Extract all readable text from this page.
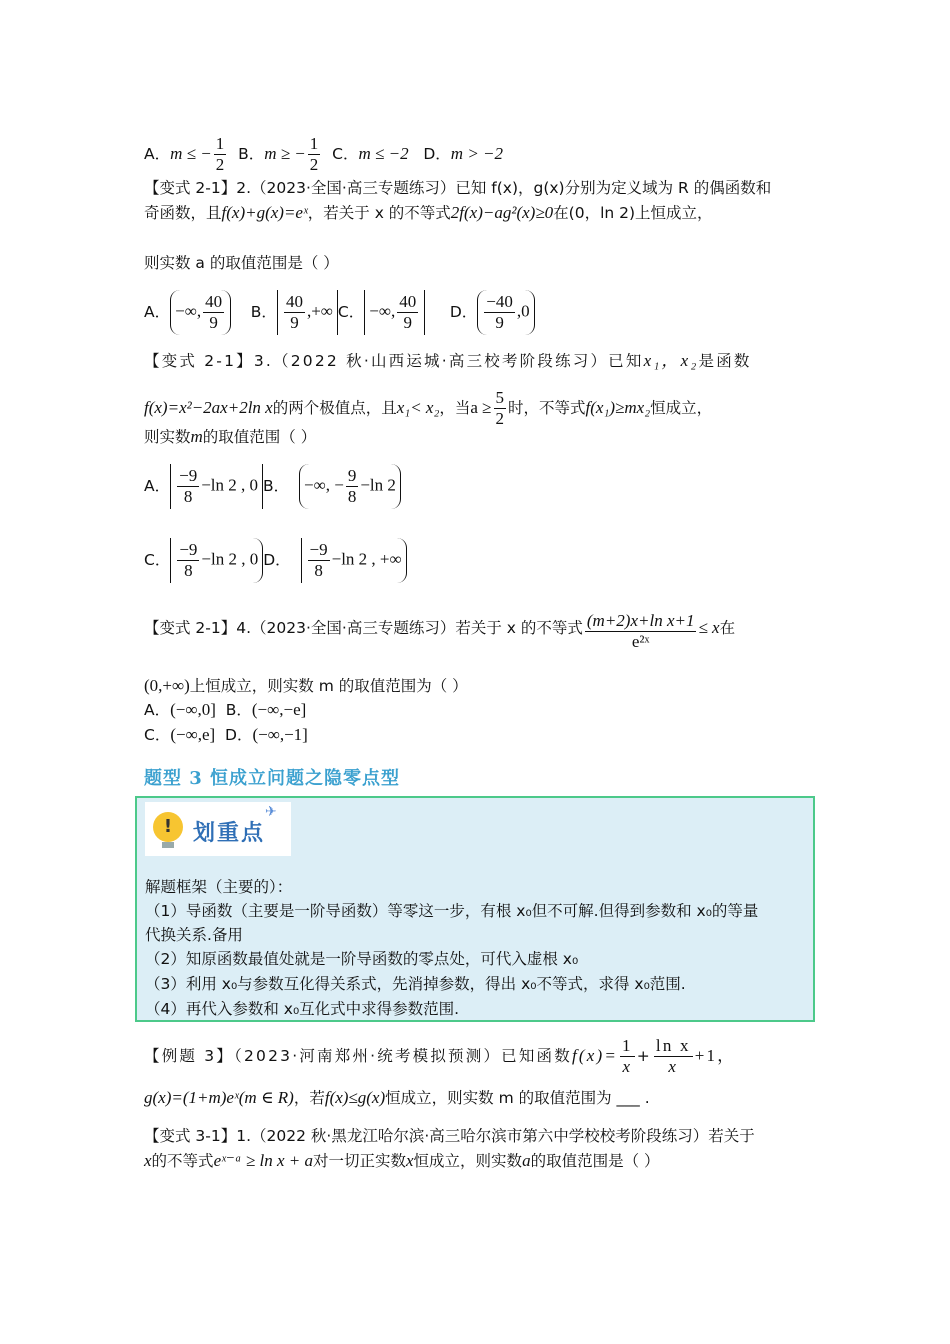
A．m ≤ − $\frac{1}{2}$ B．m ≥ − $\frac{1}{2}$ C．m ≤ −2 D．m > −2
【变式 2-1】2.（2023·全国·高三专题练习）已知 f(x)，g(x)分别为定义域为 R 的偶函数和
奇函数，且f(x)+g(x)=eˣ，若关于 x 的不等式2f(x)−ag²(x)≥0在(0，ln 2)上恒成立，
则实数 a 的取值范围是（ ）
A． −∞, $\frac{40}{9}$ B． $\frac{40}{9}$ ,+∞ C． −∞, $\frac{40}{9}$ D． $\frac{-40}{9} ,0$
【变式 2-1】3.（2022 秋·山西运城·高三校考阶段练习）已知x₁，x₂是函数
f(x)=x²−2ax+2ln x的两个极值点，且x₁< x₂，当$a \ge \frac{5}{2}$ 时，不等式f(x₁)≥mx₂恒成立，
则实数m的取值范围（ ）
A． $\frac{-9}{8} -\ln$ 2 , 0 B． −∞, − $\frac{9}{8} -\ln$ 2
C． $\frac{-9}{8} -\ln$ 2 , 0 D． $\frac{-9}{8} -\ln$ 2 , +∞
【变式 2-1】4.（2023·全国·高三专题练习）若关于 x 的不等式 $\frac{\text{(m+2)x+ln x+1}}{\text{e²ˣ}} \le x$在
(0,+∞)上恒成立，则实数 m 的取值范围为（ ）
A．(−∞,0] B．(−∞,−e]
C．(−∞,e] D．(−∞,−1]
题型 3 恒成立问题之隐零点型
! 划重点
✈
解题框架（主要的）：
（1）导函数（主要是一阶导函数）等零这一步，有根 x₀但不可解.但得到参数和 x₀的等量
代换关系.备用
（2）知原函数最值处就是一阶导函数的零点处，可代入虚根 x₀
（3）利用 x₀与参数互化得关系式，先消掉参数，得出 x₀不等式，求得 x₀范围.
（4）再代入参数和 x₀互化式中求得参数范围.
【例题 3】（2023·河南郑州·统考模拟预测）已知函数$f(x)= \frac{1}{x} + \frac{\text{ln x}}{x} +1$，
g(x)=(1+m)eˣ(m ∈ R)，若f(x)≤g(x)恒成立，则实数 m 的取值范围为 ___ .
【变式 3-1】1.（2022 秋·黑龙江哈尔滨·高三哈尔滨市第六中学校校考阶段练习）若关于
x的不等式eˣ⁻ᵃ ≥ ln x + a对一切正实数x恒成立，则实数a的取值范围是（ ）
